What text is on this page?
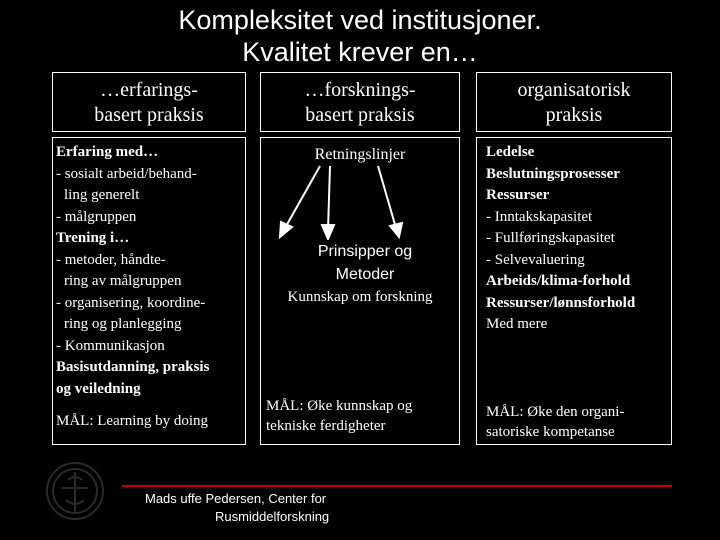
Kompleksitet ved institusjoner.
Kvalitet krever en…
…erfarings-
basert praksis
…forsknings-
basert praksis
organisatorisk
praksis
Erfaring med…
- sosialt arbeid/behand-
ling generelt
- målgruppen
Trening i…
- metoder, håndte-
ring av målgruppen
- organisering, koordine-
ring og planlegging
- Kommunikasjon
Basisutdanning, praksis
og veiledning
MÅL: Learning by doing
Retningslinjer
Prinsipper og
Metoder
Kunnskap om forskning
MÅL: Øke kunnskap og
tekniske ferdigheter
Ledelse
Beslutningsprosesser
Ressurser
- Inntakskapasitet
- Fullføringskapasitet
- Selvevaluering
Arbeids/klima-forhold
Ressurser/lønnsforhold
Med mere
MÅL: Øke den organi-
satoriske kompetanse
Mads uffe Pedersen, Center for
Rusmiddelforskning
